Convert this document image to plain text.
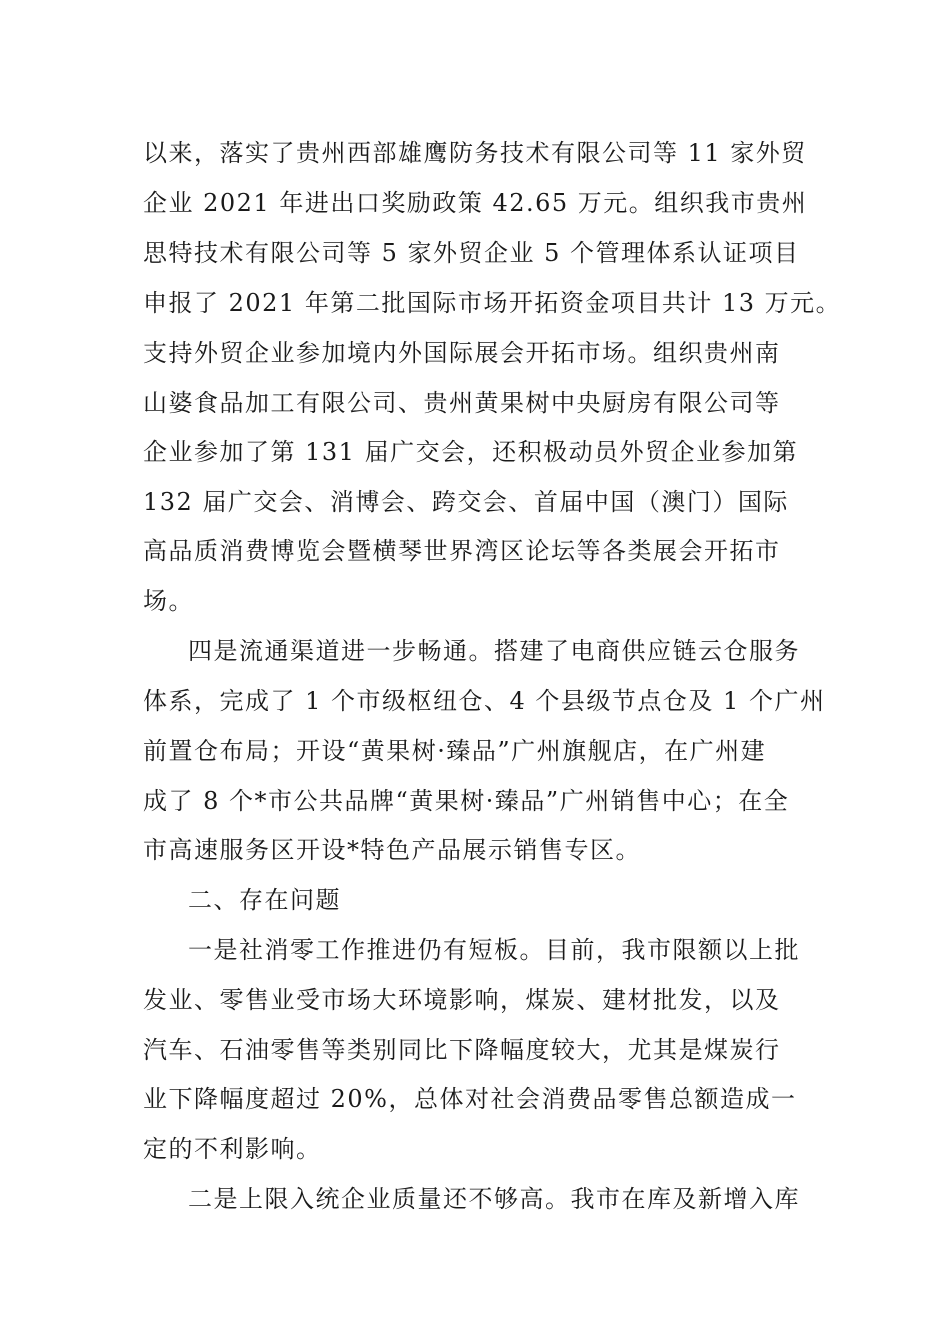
以来，落实了贵州西部雄鹰防务技术有限公司等 11 家外贸
企业 2021 年进出口奖励政策 42.65 万元。组织我市贵州
思特技术有限公司等 5 家外贸企业 5 个管理体系认证项目
申报了 2021 年第二批国际市场开拓资金项目共计 13 万元。
支持外贸企业参加境内外国际展会开拓市场。组织贵州南
山婆食品加工有限公司、贵州黄果树中央厨房有限公司等
企业参加了第 131 届广交会，还积极动员外贸企业参加第
132 届广交会、消博会、跨交会、首届中国（澳门）国际
高品质消费博览会暨横琴世界湾区论坛等各类展会开拓市
场。
四是流通渠道进一步畅通。搭建了电商供应链云仓服务
体系，完成了 1 个市级枢纽仓、4 个县级节点仓及 1 个广州
前置仓布局；开设“黄果树·臻品”广州旗舰店，在广州建
成了 8 个*市公共品牌“黄果树·臻品”广州销售中心；在全
市高速服务区开设*特色产品展示销售专区。
二、存在问题
一是社消零工作推进仍有短板。目前，我市限额以上批
发业、零售业受市场大环境影响，煤炭、建材批发，以及
汽车、石油零售等类别同比下降幅度较大，尤其是煤炭行
业下降幅度超过 20%，总体对社会消费品零售总额造成一
定的不利影响。
二是上限入统企业质量还不够高。我市在库及新增入库
